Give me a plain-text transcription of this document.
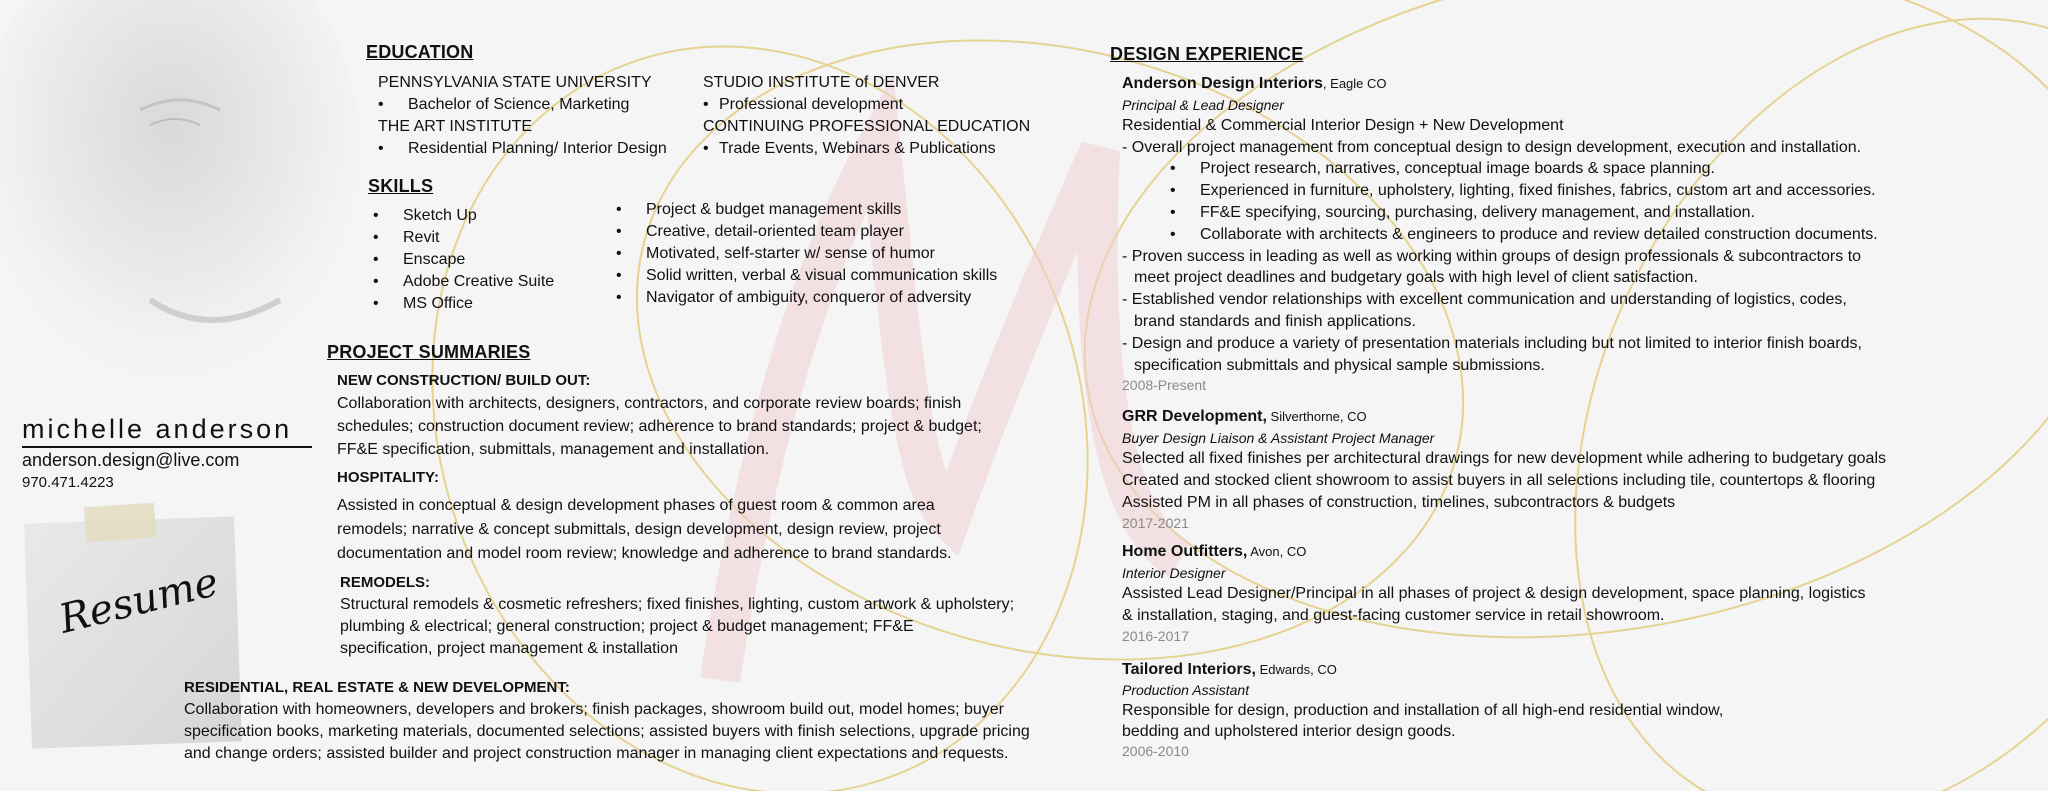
Resume
michelle anderson
anderson.design@live.com
970.471.4223
EDUCATION
PENNSYLVANIA STATE UNIVERSITY
• Bachelor of Science, Marketing
THE ART INSTITUTE
• Residential Planning/ Interior Design
STUDIO INSTITUTE of DENVER
• Professional development
CONTINUING PROFESSIONAL EDUCATION
• Trade Events, Webinars & Publications
SKILLS
• Sketch Up
• Revit
• Enscape
• Adobe Creative Suite
• MS Office
• Project & budget management skills
• Creative, detail-oriented team player
• Motivated, self-starter w/ sense of humor
• Solid written, verbal & visual communication skills
• Navigator of ambiguity, conqueror of adversity
PROJECT SUMMARIES
NEW CONSTRUCTION/ BUILD OUT:
Collaboration with architects, designers, contractors, and corporate review boards; finish
schedules; construction document review; adherence to brand standards; project & budget;
FF&E specification, submittals, management and installation.
HOSPITALITY:
Assisted in conceptual & design development phases of guest room & common area
remodels; narrative & concept submittals, design development, design review, project
documentation and model room review; knowledge and adherence to brand standards.
REMODELS:
Structural remodels & cosmetic refreshers; fixed finishes, lighting, custom artwork & upholstery;
plumbing & electrical; general construction; project & budget management; FF&E
specification, project management & installation
RESIDENTIAL, REAL ESTATE & NEW DEVELOPMENT:
Collaboration with homeowners, developers and brokers; finish packages, showroom build out, model homes; buyer
specification books, marketing materials, documented selections; assisted buyers with finish selections, upgrade pricing
and change orders; assisted builder and project construction manager in managing client expectations and requests.
DESIGN EXPERIENCE
Anderson Design Interiors, Eagle CO
Principal & Lead Designer
Residential & Commercial Interior Design + New Development
- Overall project management from conceptual design to design development, execution and installation.
• Project research, narratives, conceptual image boards & space planning.
• Experienced in furniture, upholstery, lighting, fixed finishes, fabrics, custom art and accessories.
• FF&E specifying, sourcing, purchasing, delivery management, and installation.
• Collaborate with architects & engineers to produce and review detailed construction documents.
- Proven success in leading as well as working within groups of design professionals & subcontractors to
meet project deadlines and budgetary goals with high level of client satisfaction.
- Established vendor relationships with excellent communication and understanding of logistics, codes,
brand standards and finish applications.
- Design and produce a variety of presentation materials including but not limited to interior finish boards,
specification submittals and physical sample submissions.
2008-Present
GRR Development, Silverthorne, CO
Buyer Design Liaison & Assistant Project Manager
Selected all fixed finishes per architectural drawings for new development while adhering to budgetary goals
Created and stocked client showroom to assist buyers in all selections including tile, countertops & flooring
Assisted PM in all phases of construction, timelines, subcontractors & budgets
2017-2021
Home Outfitters, Avon, CO
Interior Designer
Assisted Lead Designer/Principal in all phases of project & design development, space planning, logistics
& installation, staging, and guest-facing customer service in retail showroom.
2016-2017
Tailored Interiors, Edwards, CO
Production Assistant
Responsible for design, production and installation of all high-end residential window,
bedding and upholstered interior design goods.
2006-2010
